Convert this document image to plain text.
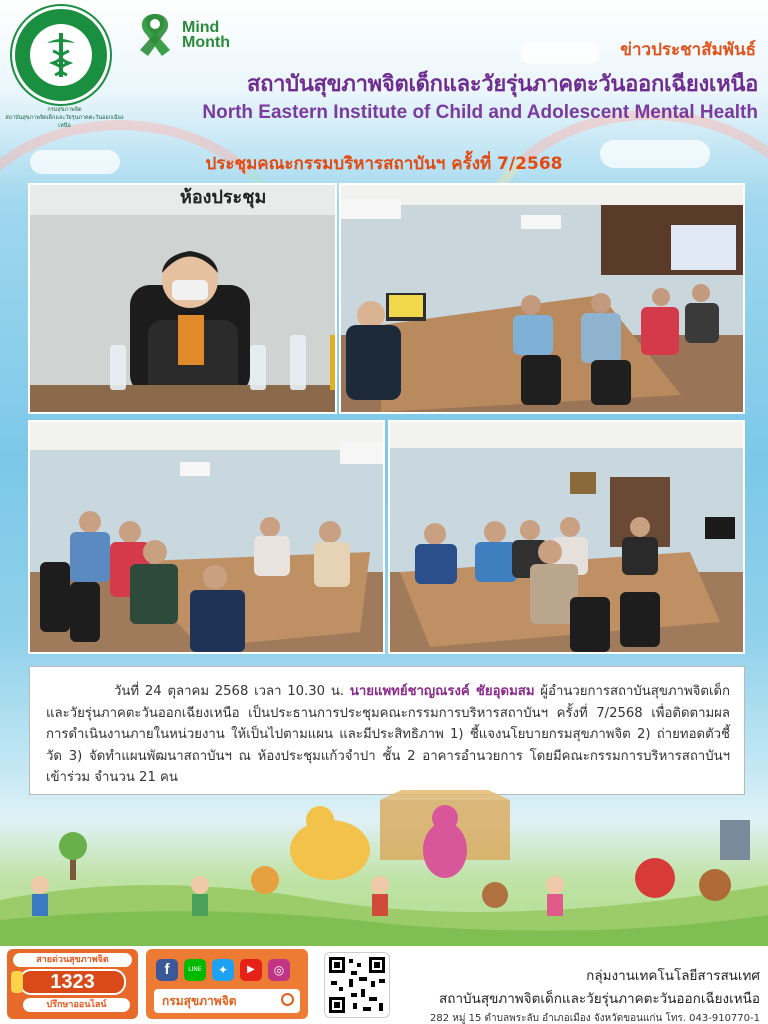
กรมสุขภาพจิต
สถาบันสุขภาพจิตเด็กและวัยรุ่นภาคตะวันออกเฉียงเหนือ
Mind
Month	ข่าวประชาสัมพันธ์
สถาบันสุขภาพจิตเด็กและวัยรุ่นภาคตะวันออกเฉียงเหนือ
North Eastern Institute of Child and Adolescent Mental Health
ประชุมคณะกรรมบริหารสถาบันฯ ครั้งที่ 7/2568
ห้องประชุม
วันที่ 24 ตุลาคม 2568 เวลา 10.30 น. นายแพทย์ชาญณรงค์ ชัยอุดมสม ผู้อำนวยการสถาบันสุขภาพจิตเด็กและวัยรุ่นภาคตะวันออกเฉียงเหนือ เป็นประธานการประชุมคณะกรรมการบริหารสถาบันฯ ครั้งที่ 7/2568 เพื่อติดตามผลการดำเนินงานภายในหน่วยงาน ให้เป็นไปตามแผน และมีประสิทธิภาพ 1) ชี้แจงนโยบายกรมสุขภาพจิต 2) ถ่ายทอดตัวชี้วัด 3) จัดทำแผนพัฒนาสถาบันฯ ณ ห้องประชุมแก้วจำปา ชั้น 2 อาคารอำนวยการ โดยมีคณะกรรมการบริหารสถาบันฯ เข้าร่วม จำนวน 21 คน
สายด่วนสุขภาพจิต
1323
ปรึกษาออนไลน์
f	LINE	✦	▶	◎
กรมสุขภาพจิต
กลุ่มงานเทคโนโลยีสารสนเทศ
สถาบันสุขภาพจิตเด็กและวัยรุ่นภาคตะวันออกเฉียงเหนือ
282 หมู่ 15 ตำบลพระลับ อำเภอเมือง จังหวัดขอนแก่น โทร. 043-910770-1
